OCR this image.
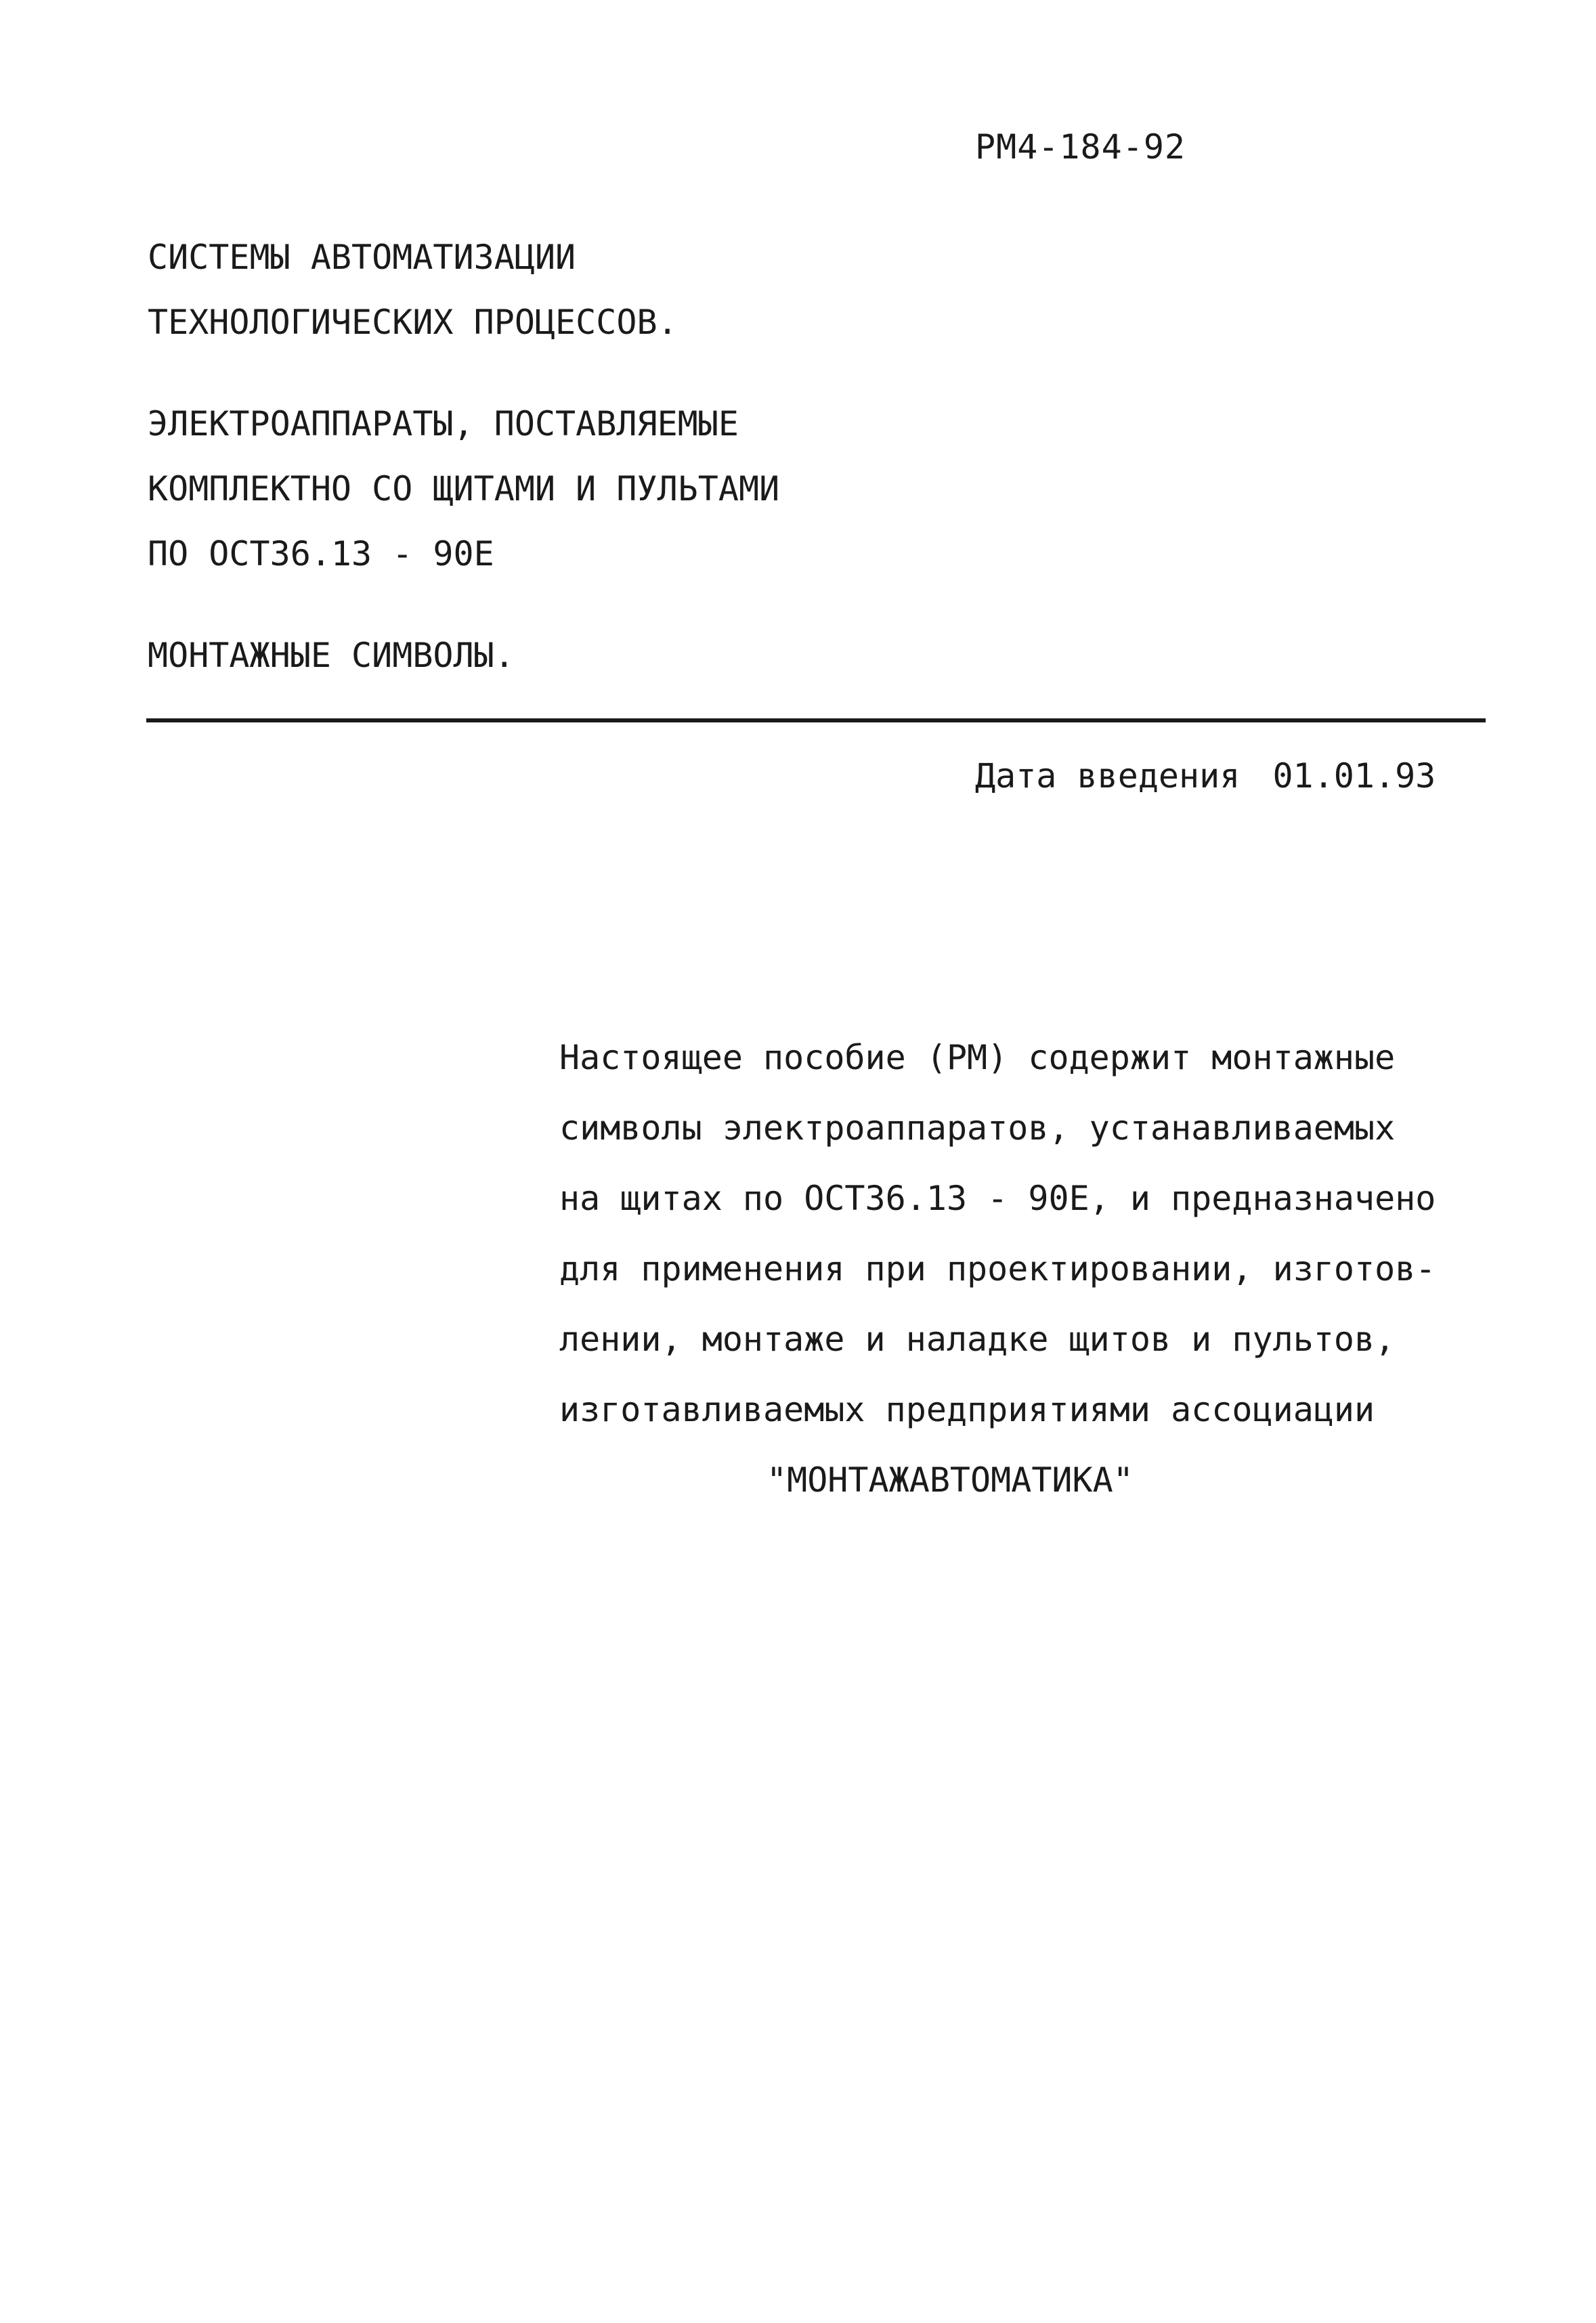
РМ4-184-92
СИСТЕМЫ АВТОМАТИЗАЦИИ
ТЕХНОЛОГИЧЕСКИХ ПРОЦЕССОВ.
ЭЛЕКТРОАППАРАТЫ, ПОСТАВЛЯЕМЫЕ
КОМПЛЕКТНО СО ЩИТАМИ И ПУЛЬТАМИ
ПО ОСТ36.13 - 90Е
МОНТАЖНЫЕ СИМВОЛЫ.
Дата введения 01.01.93
Настоящее пособие (РМ) содержит монтажные
символы электроаппаратов, устанавливаемых
на щитах по ОСТ36.13 - 90Е, и предназначено
для применения при проектировании, изготов-
лении, монтаже и наладке щитов и пультов,
изготавливаемых предприятиями ассоциации
"МОНТАЖАВТОМАТИКА"
